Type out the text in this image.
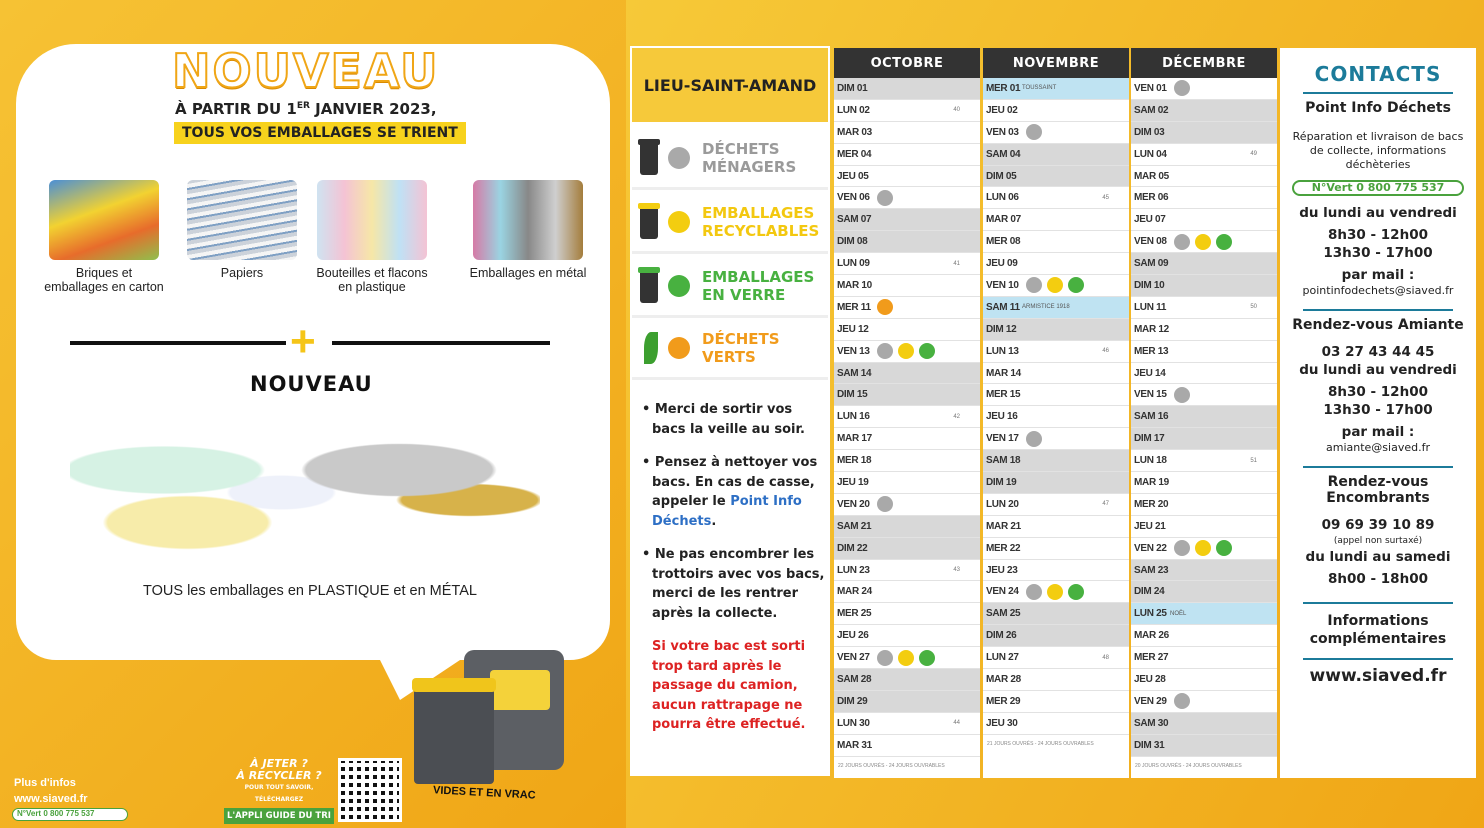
NOUVEAU
À PARTIR DU 1ER JANVIER 2023,
TOUS VOS EMBALLAGES SE TRIENT
Briques et
emballages en carton
Papiers	Bouteilles et flacons
en plastique
Emballages en métal
+
NOUVEAU
TOUS les emballages en PLASTIQUE et en MÉTAL
VIDES ET EN VRAC
Plus d'infos
www.siaved.fr
N°Vert 0 800 775 537
À JETER ?
À RECYCLER ?
POUR TOUT SAVOIR, TÉLÉCHARGEZ
L'APPLI GUIDE DU TRI
LIEU-SAINT-AMAND
DÉCHETS
MÉNAGERS
EMBALLAGES
RECYCLABLES
EMBALLAGES
EN VERRE
DÉCHETS
VERTS

• Merci de sortir vos bacs la veille au soir.

• Pensez à nettoyer vos bacs. En cas de casse, appeler le Point Info Déchets.

• Ne pas encombrer les trottoirs avec vos bacs, merci de les rentrer après la collecte.

Si votre bac est sorti trop tard après le passage du camion, aucun rattrapage ne pourra être effectué.

OCTOBRE
DIM 01
LUN 02	40
MAR 03
MER 04
JEU 05
VEN 06
SAM 07
DIM 08
LUN 09	41
MAR 10
MER 11
JEU 12
VEN 13
SAM 14
DIM 15
LUN 16	42
MAR 17
MER 18
JEU 19
VEN 20
SAM 21
DIM 22
LUN 23	43
MAR 24
MER 25
JEU 26
VEN 27
SAM 28
DIM 29
LUN 30	44
MAR 31
22 JOURS OUVRÉS - 24 JOURS OUVRABLES
NOVEMBRE
MER 01 TOUSSAINT
JEU 02
VEN 03
SAM 04
DIM 05
LUN 06	45
MAR 07
MER 08
JEU 09
VEN 10
SAM 11 ARMISTICE 1918
DIM 12
LUN 13	46
MAR 14
MER 15
JEU 16
VEN 17
SAM 18
DIM 19
LUN 20	47
MAR 21
MER 22
JEU 23
VEN 24
SAM 25
DIM 26
LUN 27	48
MAR 28
MER 29
JEU 30
21 JOURS OUVRÉS - 24 JOURS OUVRABLES
DÉCEMBRE
VEN 01
SAM 02
DIM 03
LUN 04	49
MAR 05
MER 06
JEU 07
VEN 08
SAM 09
DIM 10
LUN 11	50
MAR 12
MER 13
JEU 14
VEN 15
SAM 16
DIM 17
LUN 18	51
MAR 19
MER 20
JEU 21
VEN 22
SAM 23
DIM 24
LUN 25 NOËL
MAR 26
MER 27
JEU 28
VEN 29
SAM 30
DIM 31
20 JOURS OUVRÉS - 24 JOURS OUVRABLES
CONTACTS
Point Info Déchets
Réparation et livraison de bacs de collecte, informations déchèteries
N°Vert 0 800 775 537
du lundi au vendredi
8h30 - 12h00
13h30 - 17h00
par mail :
pointinfodechets@siaved.fr
Rendez-vous Amiante
03 27 43 44 45
du lundi au vendredi
8h30 - 12h00
13h30 - 17h00
par mail :
amiante@siaved.fr
Rendez-vous
Encombrants
09 69 39 10 89
(appel non surtaxé)
du lundi au samedi
8h00 - 18h00
Informations
complémentaires
www.siaved.fr
